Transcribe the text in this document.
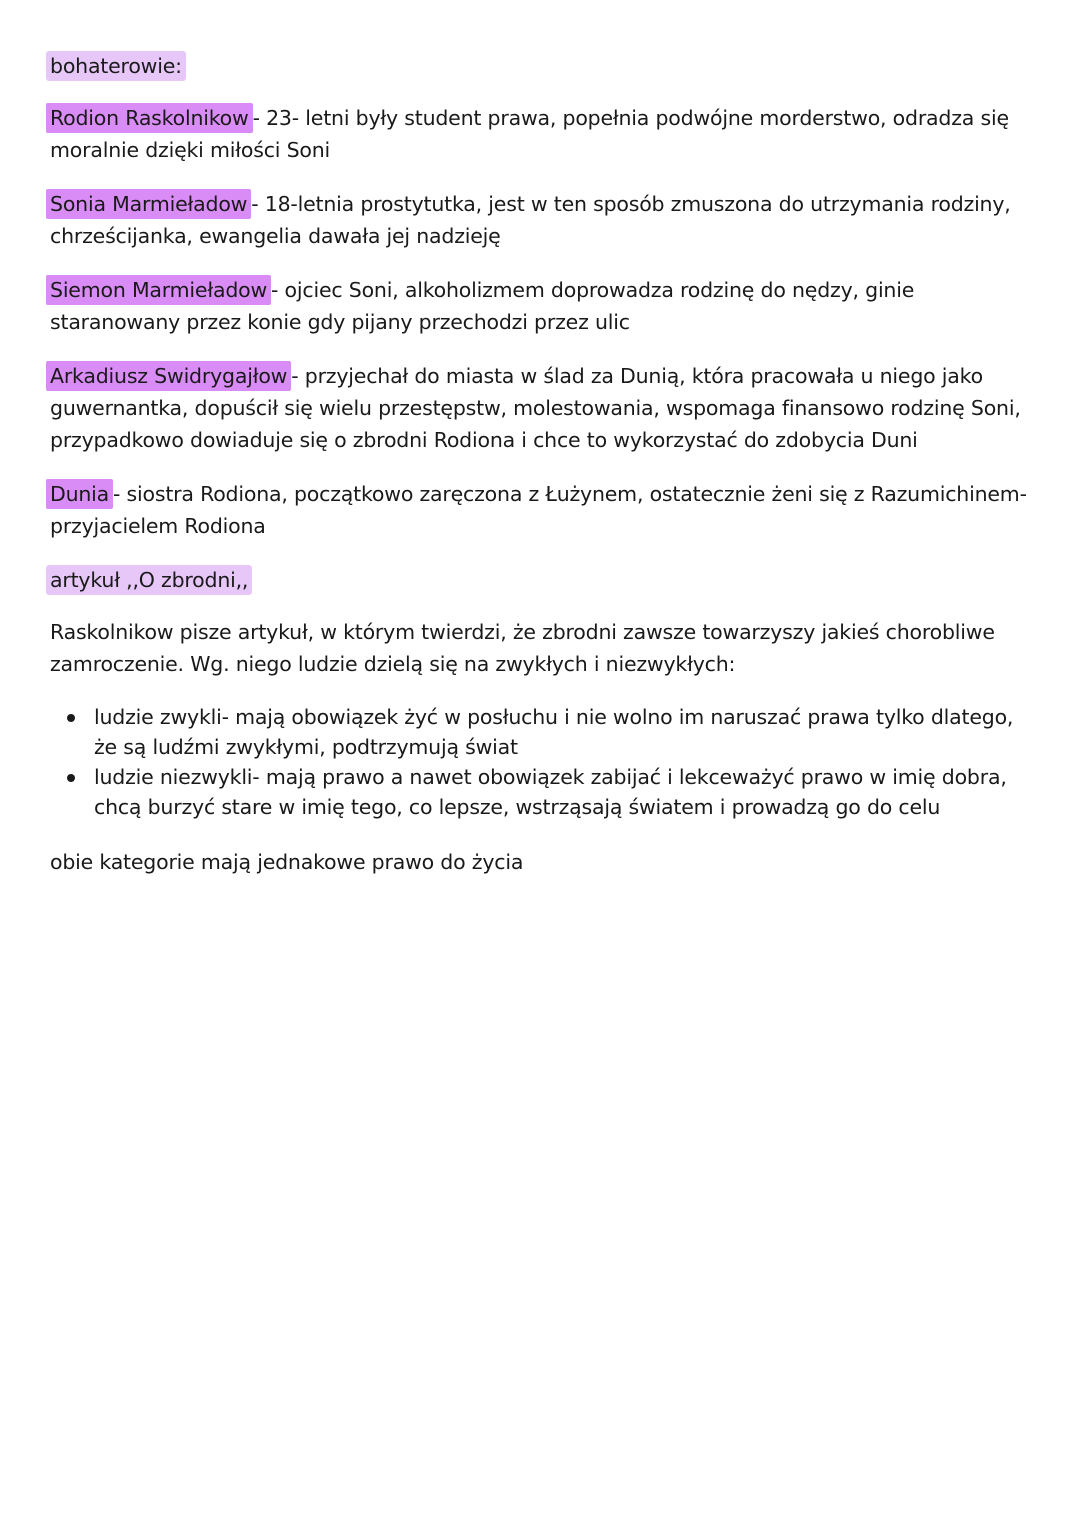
bohaterowie:

Rodion Raskolnikow - 23- letni były student prawa, popełnia podwójne morderstwo, odradza się moralnie dzięki miłości Soni

Sonia Marmieładow - 18-letnia prostytutka, jest w ten sposób zmuszona do utrzymania rodziny, chrześcijanka, ewangelia dawała jej nadzieję

Siemon Marmieładow - ojciec Soni, alkoholizmem doprowadza rodzinę do nędzy, ginie staranowany przez konie gdy pijany przechodzi przez ulic

Arkadiusz Swidrygajłow - przyjechał do miasta w ślad za Dunią, która pracowała u niego jako guwernantka, dopuścił się wielu przestępstw, molestowania, wspomaga finansowo rodzinę Soni, przypadkowo dowiaduje się o zbrodni Rodiona i chce to wykorzystać do zdobycia Duni

Dunia - siostra Rodiona, początkowo zaręczona z Łużynem, ostatecznie żeni się z Razumichinem- przyjacielem Rodiona

artykuł ,,O zbrodni,,

Raskolnikow pisze artykuł, w którym twierdzi, że zbrodni zawsze towarzyszy jakieś chorobliwe zamroczenie. Wg. niego ludzie dzielą się na zwykłych i niezwykłych:

ludzie zwykli- mają obowiązek żyć w posłuchu i nie wolno im naruszać prawa tylko dlatego, że są ludźmi zwykłymi, podtrzymują świat
ludzie niezwykli- mają prawo a nawet obowiązek zabijać i lekceważyć prawo w imię dobra, chcą burzyć stare w imię tego, co lepsze, wstrząsają światem i prowadzą go do celu

obie kategorie mają jednakowe prawo do życia
